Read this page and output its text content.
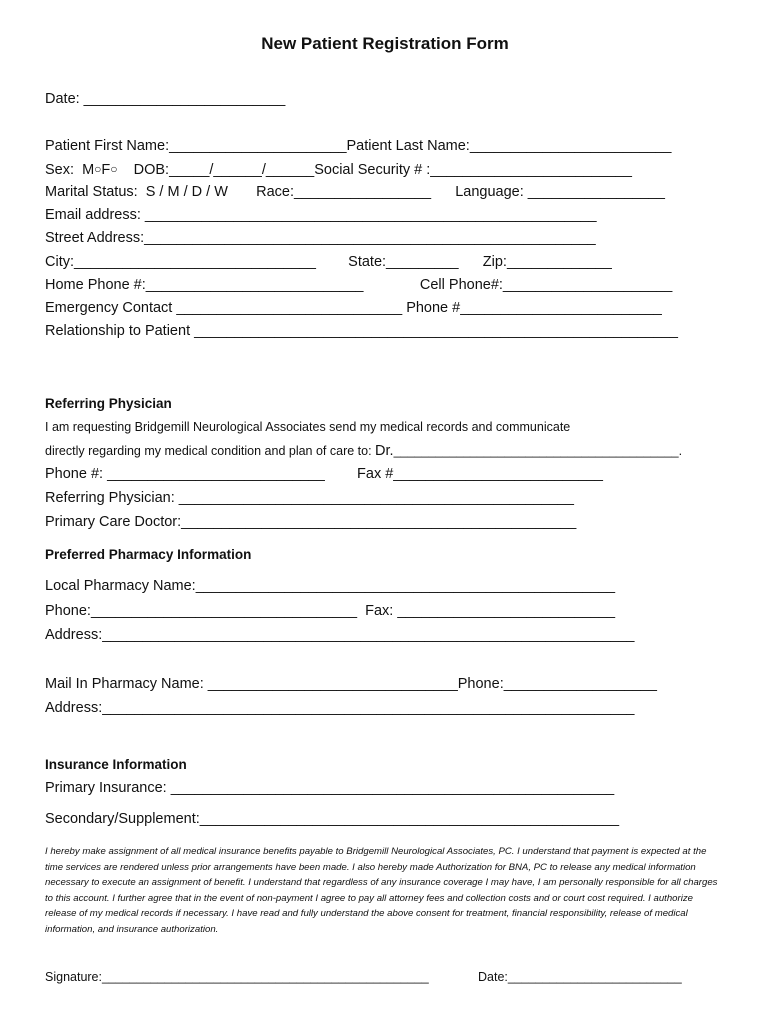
New Patient Registration Form
Date: _________________________
Patient First Name:______________________Patient Last Name:_________________________
Sex:  M○F○    DOB:_____/______/______Social Security # :_________________________
Marital Status:  S / M / D / W       Race:_________________      Language: _________________
Email address: ________________________________________________________
Street Address:________________________________________________________
City:______________________________        State:_________      Zip:_____________
Home Phone #:___________________________              Cell Phone#:_____________________
Emergency Contact ____________________________ Phone #_________________________
Relationship to Patient ____________________________________________________________
Referring Physician
I am requesting Bridgemill Neurological Associates send my medical records and communicate
directly regarding my medical condition and plan of care to: Dr._________________________________________.
Phone #: ___________________________        Fax #__________________________
Referring Physician: _________________________________________________
Primary Care Doctor:_________________________________________________
Preferred Pharmacy Information
Local Pharmacy Name:____________________________________________________
Phone:_________________________________  Fax: ___________________________
Address:__________________________________________________________________
Mail In Pharmacy Name: _______________________________Phone:___________________
Address:__________________________________________________________________
Insurance Information
Primary Insurance: _______________________________________________________
Secondary/Supplement:____________________________________________________
I hereby make assignment of all medical insurance benefits payable to Bridgemill Neurological Associates, PC. I understand that payment is expected at the time services are rendered unless prior arrangements have been made. I also hereby made Authorization for BNA, PC to release any medical information necessary to execute an assignment of benefit. I understand that regardless of any insurance coverage I may have, I am personally responsible for all charges to this account. I further agree that in the event of non-payment I agree to pay all attorney fees and collection costs and or court cost required. I authorize release of my medical records if necessary. I have read and fully understand the above consent for treatment, financial responsibility, release of medical information, and insurance authorization.
Signature:_______________________________________________	Date:_________________________
